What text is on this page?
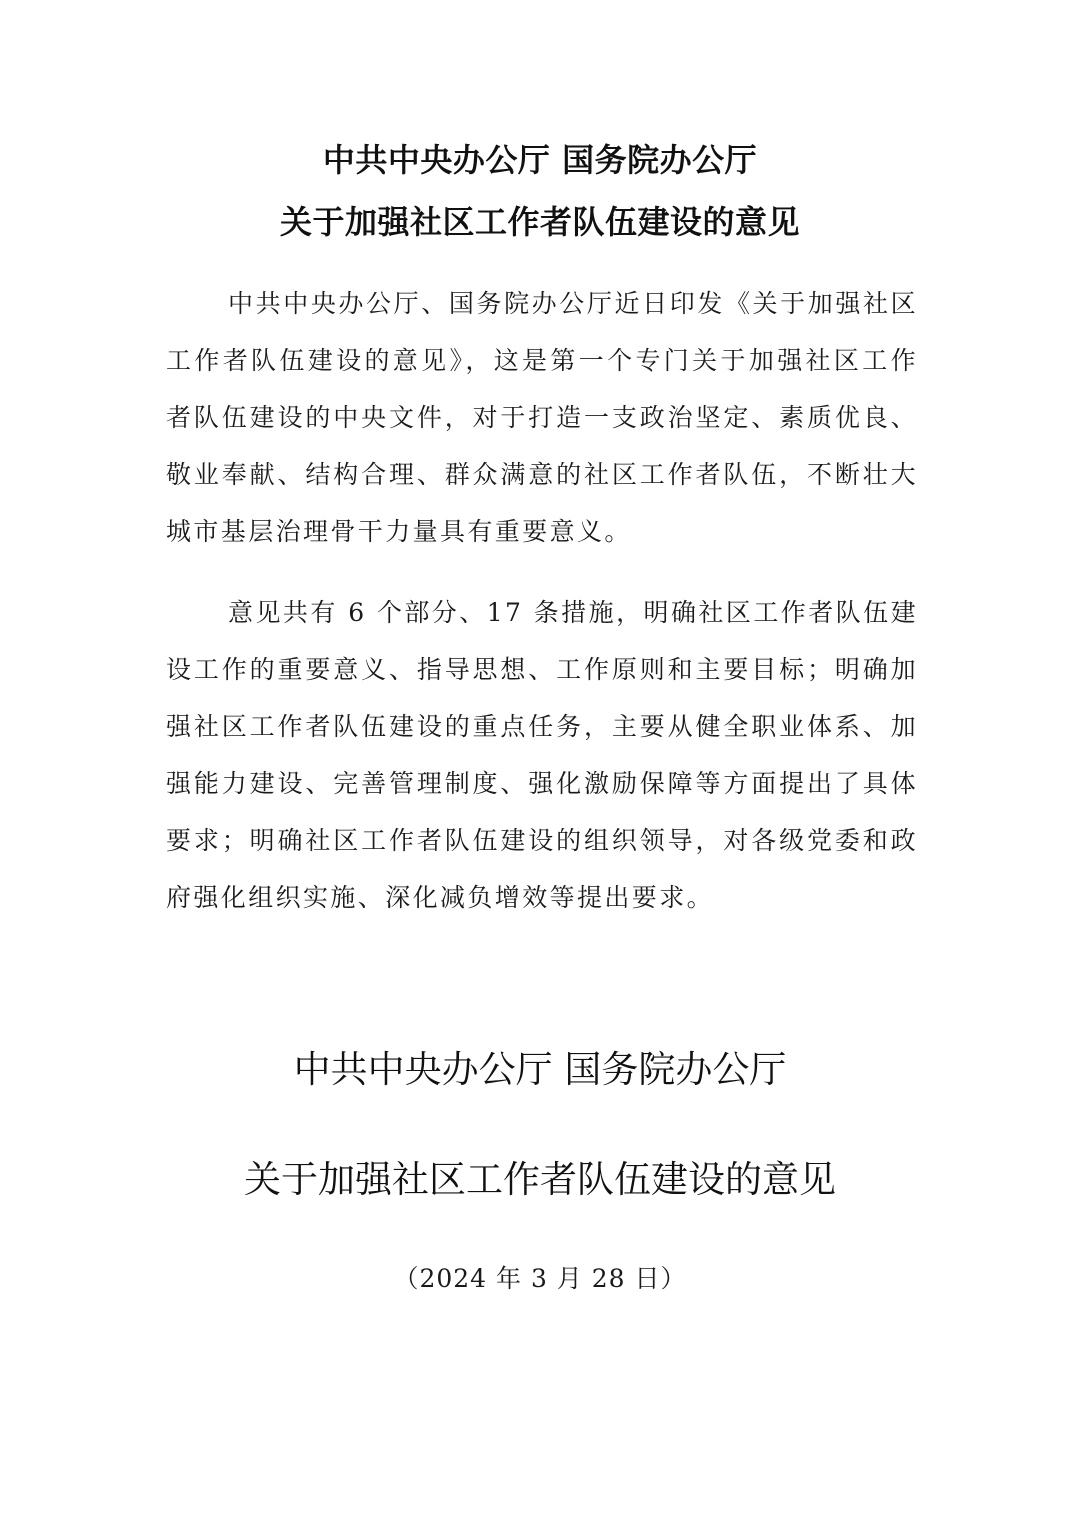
中共中央办公厅 国务院办公厅
关于加强社区工作者队伍建设的意见

中共中央办公厅、国务院办公厅近日印发《关于加强社区工作者队伍建设的意见》，这是第一个专门关于加强社区工作者队伍建设的中央文件，对于打造一支政治坚定、素质优良、敬业奉献、结构合理、群众满意的社区工作者队伍，不断壮大城市基层治理骨干力量具有重要意义。

意见共有 6 个部分、17 条措施，明确社区工作者队伍建设工作的重要意义、指导思想、工作原则和主要目标；明确加强社区工作者队伍建设的重点任务，主要从健全职业体系、加强能力建设、完善管理制度、强化激励保障等方面提出了具体要求；明确社区工作者队伍建设的组织领导，对各级党委和政府强化组织实施、深化减负增效等提出要求。

中共中央办公厅 国务院办公厅
关于加强社区工作者队伍建设的意见

（2024 年 3 月 28 日）
